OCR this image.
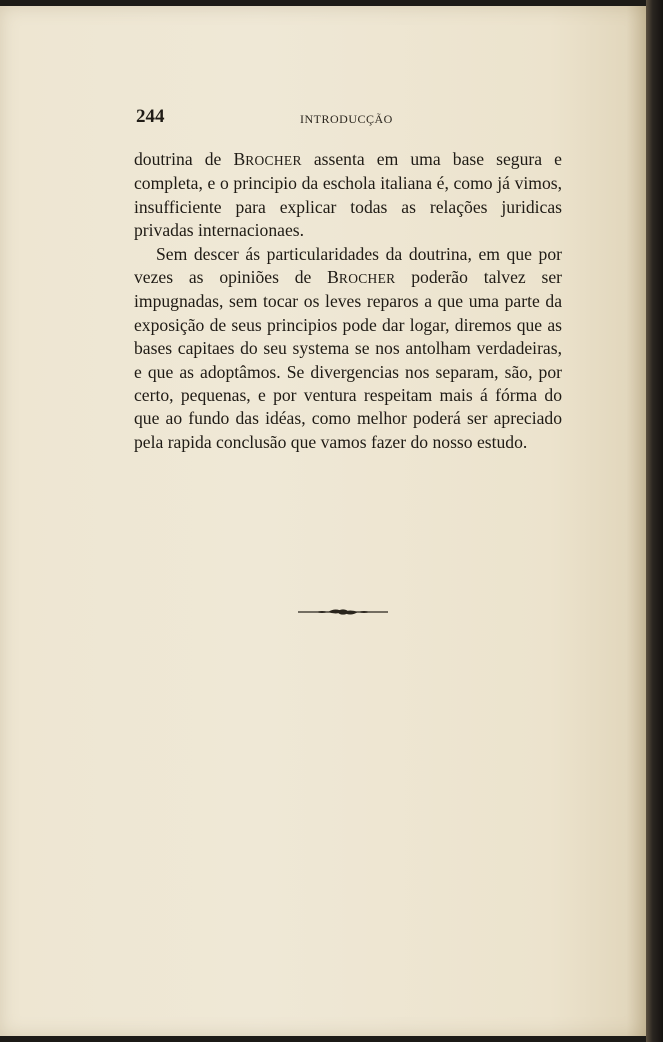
244	INTRODUCÇÃO

doutrina de BROCHER assenta em uma base segura e completa, e o principio da eschola italiana é, como já vimos, insufficiente para explicar todas as relações juridicas privadas internacionaes.

Sem descer ás particularidades da doutrina, em que por vezes as opiniões de BROCHER poderão talvez ser impugnadas, sem tocar os leves reparos a que uma parte da exposição de seus principios pode dar logar, diremos que as bases capitaes do seu systema se nos antolham verdadeiras, e que as adoptâmos. Se divergencias nos separam, são, por certo, pequenas, e por ventura respeitam mais á fórma do que ao fundo das idéas, como melhor poderá ser apreciado pela rapida conclusão que vamos fazer do nosso estudo.
